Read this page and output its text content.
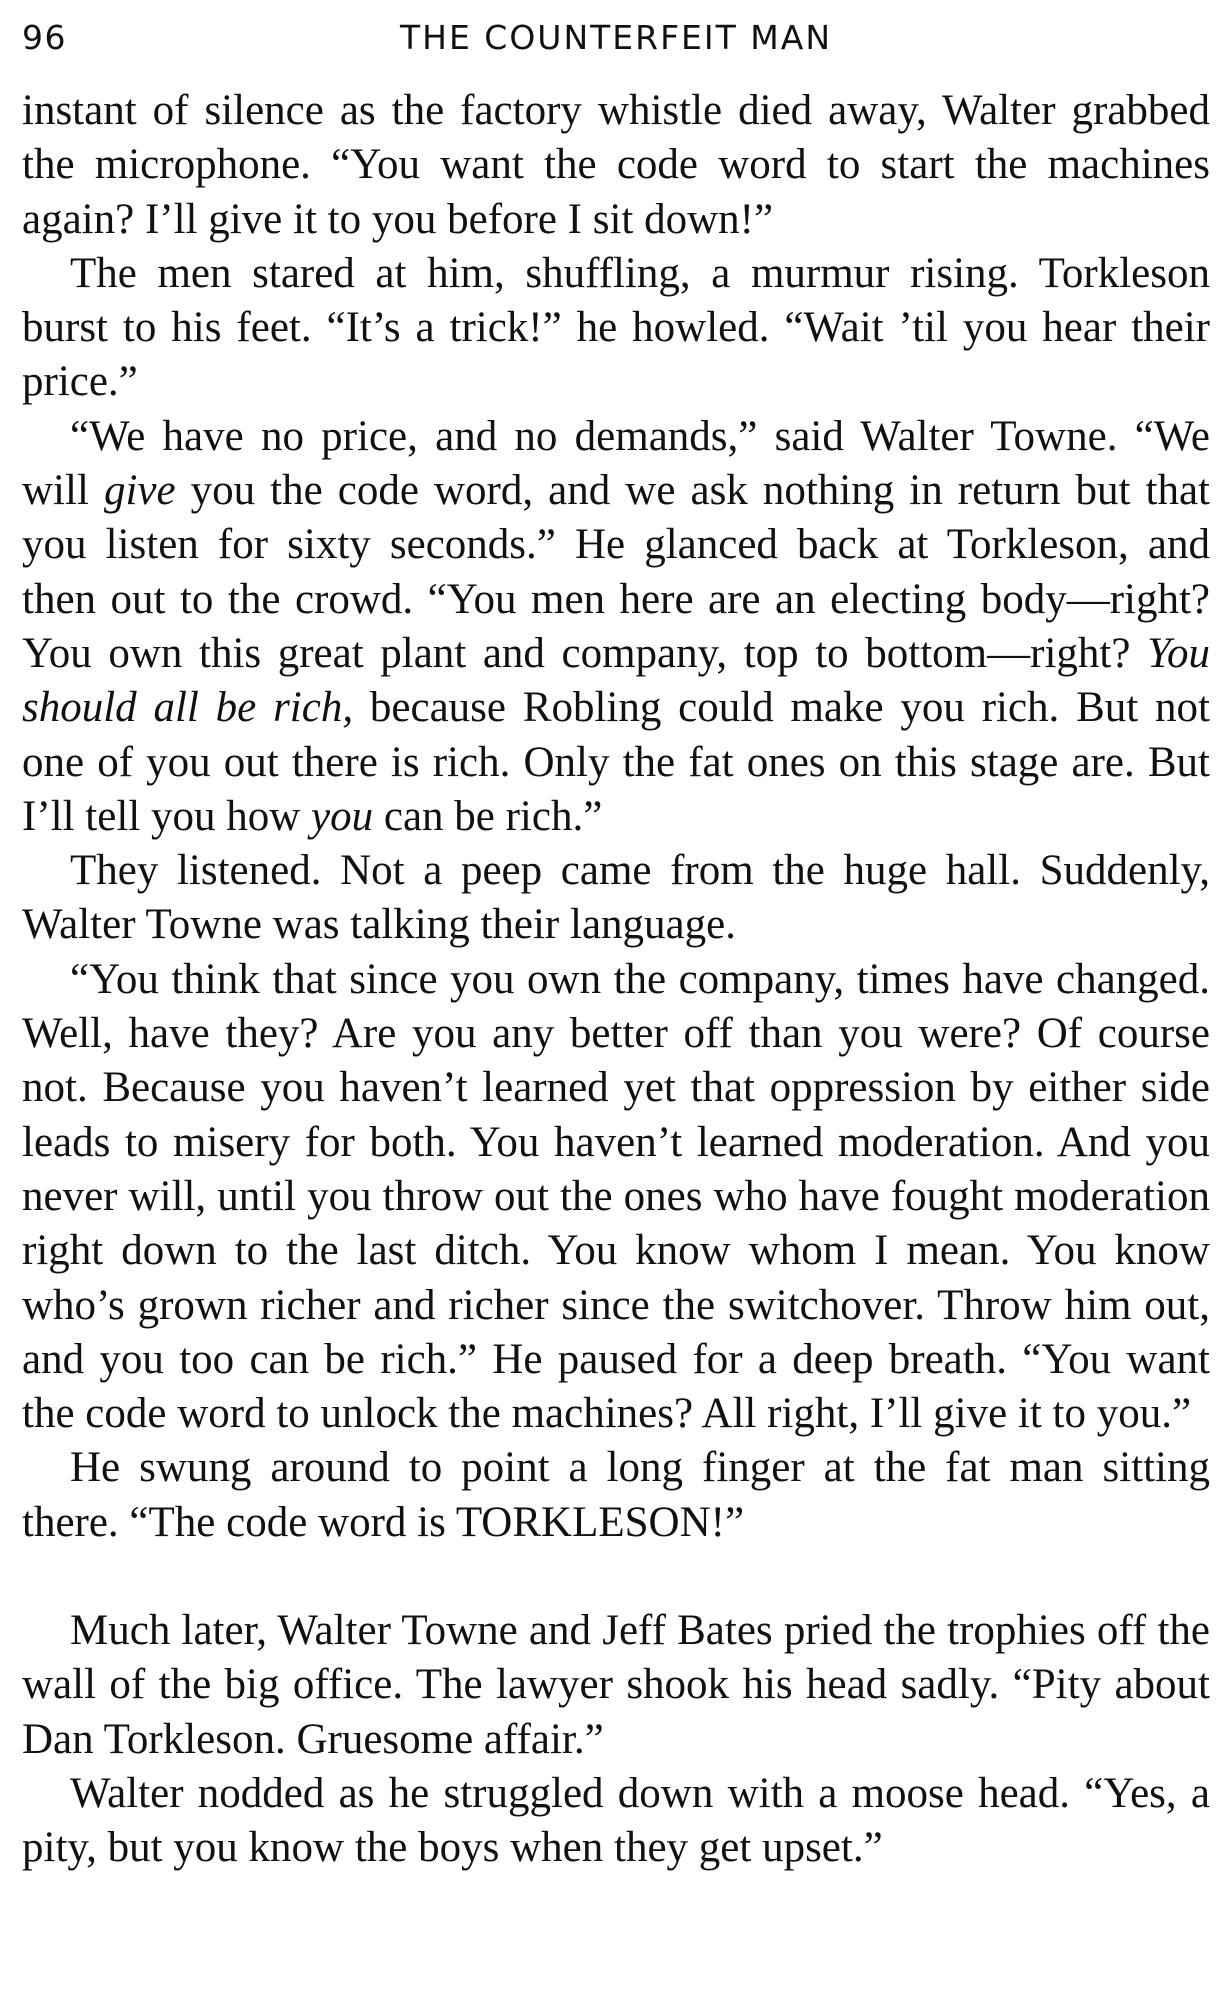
96	THE COUNTERFEIT MAN

instant of silence as the factory whistle died away, Walter grabbed the microphone. “You want the code word to start the machines again? I’ll give it to you before I sit down!”

The men stared at him, shuffling, a murmur rising. Torkleson burst to his feet. “It’s a trick!” he howled. “Wait ’til you hear their price.”

“We have no price, and no demands,” said Walter Towne. “We will give you the code word, and we ask nothing in return but that you listen for sixty seconds.” He glanced back at Torkleson, and then out to the crowd. “You men here are an electing body—right? You own this great plant and company, top to bottom—right? You should all be rich, because Robling could make you rich. But not one of you out there is rich. Only the fat ones on this stage are. But I’ll tell you how you can be rich.”

They listened. Not a peep came from the huge hall. Suddenly, Walter Towne was talking their language.

“You think that since you own the company, times have changed. Well, have they? Are you any better off than you were? Of course not. Because you haven’t learned yet that oppression by either side leads to misery for both. You haven’t learned moderation. And you never will, until you throw out the ones who have fought moderation right down to the last ditch. You know whom I mean. You know who’s grown richer and richer since the switchover. Throw him out, and you too can be rich.” He paused for a deep breath. “You want the code word to unlock the machines? All right, I’ll give it to you.”

He swung around to point a long finger at the fat man sitting there. “The code word is TORKLESON!”

Much later, Walter Towne and Jeff Bates pried the trophies off the wall of the big office. The lawyer shook his head sadly. “Pity about Dan Torkleson. Gruesome affair.”

Walter nodded as he struggled down with a moose head. “Yes, a pity, but you know the boys when they get upset.”
